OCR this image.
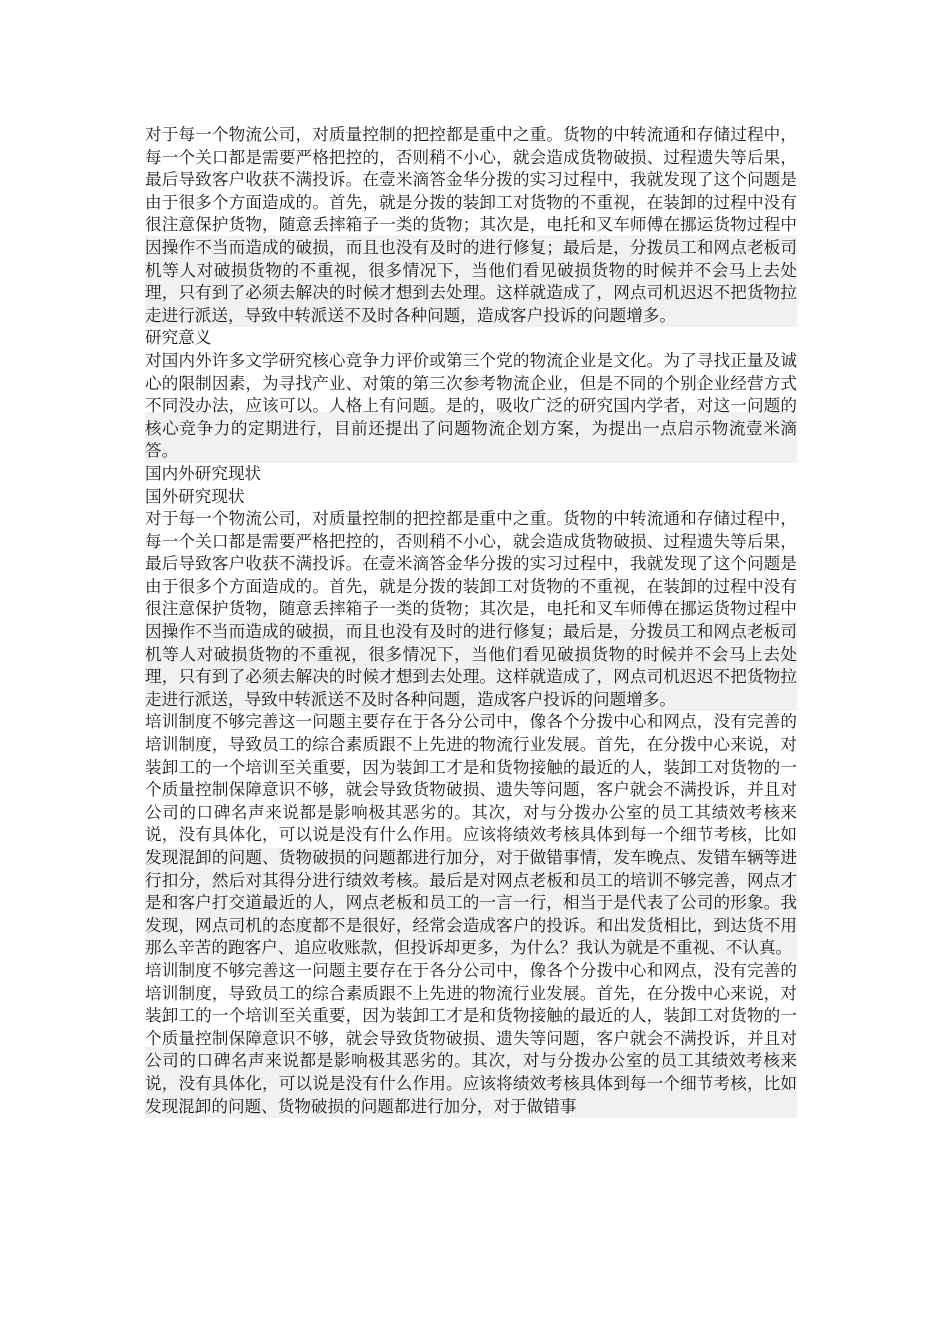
对于每一个物流公司，对质量控制的把控都是重中之重。货物的中转流通和存储过程中，每一个关口都是需要严格把控的，否则稍不小心，就会造成货物破损、过程遗失等后果，最后导致客户收获不满投诉。在壹米滴答金华分拨的实习过程中，我就发现了这个问题是由于很多个方面造成的。首先，就是分拨的装卸工对货物的不重视，在装卸的过程中没有很注意保护货物，随意丢摔箱子一类的货物；其次是，电托和叉车师傅在挪运货物过程中因操作不当而造成的破损，而且也没有及时的进行修复；最后是，分拨员工和网点老板司机等人对破损货物的不重视，很多情况下，当他们看见破损货物的时候并不会马上去处理，只有到了必须去解决的时候才想到去处理。这样就造成了，网点司机迟迟不把货物拉走进行派送，导致中转派送不及时各种问题，造成客户投诉的问题增多。

研究意义

对国内外许多文学研究核心竞争力评价或第三个党的物流企业是文化。为了寻找正量及诚心的限制因素，为寻找产业、对策的第三次参考物流企业，但是不同的个别企业经营方式不同没办法，应该可以。人格上有问题。是的，吸收广泛的研究国内学者，对这一问题的核心竞争力的定期进行，目前还提出了问题物流企划方案，为提出一点启示物流壹米滴答。

国内外研究现状

国外研究现状

对于每一个物流公司，对质量控制的把控都是重中之重。货物的中转流通和存储过程中，每一个关口都是需要严格把控的，否则稍不小心，就会造成货物破损、过程遗失等后果，最后导致客户收获不满投诉。在壹米滴答金华分拨的实习过程中，我就发现了这个问题是由于很多个方面造成的。首先，就是分拨的装卸工对货物的不重视，在装卸的过程中没有很注意保护货物，随意丢摔箱子一类的货物；其次是，电托和叉车师傅在挪运货物过程中因操作不当而造成的破损，而且也没有及时的进行修复；最后是，分拨员工和网点老板司机等人对破损货物的不重视，很多情况下，当他们看见破损货物的时候并不会马上去处理，只有到了必须去解决的时候才想到去处理。这样就造成了，网点司机迟迟不把货物拉走进行派送，导致中转派送不及时各种问题，造成客户投诉的问题增多。

培训制度不够完善这一问题主要存在于各分公司中，像各个分拨中心和网点，没有完善的培训制度，导致员工的综合素质跟不上先进的物流行业发展。首先，在分拨中心来说，对装卸工的一个培训至关重要，因为装卸工才是和货物接触的最近的人，装卸工对货物的一个质量控制保障意识不够，就会导致货物破损、遗失等问题，客户就会不满投诉，并且对公司的口碑名声来说都是影响极其恶劣的。其次，对与分拨办公室的员工其绩效考核来说，没有具体化，可以说是没有什么作用。应该将绩效考核具体到每一个细节考核，比如发现混卸的问题、货物破损的问题都进行加分，对于做错事情，发车晚点、发错车辆等进行扣分，然后对其得分进行绩效考核。最后是对网点老板和员工的培训不够完善，网点才是和客户打交道最近的人，网点老板和员工的一言一行，相当于是代表了公司的形象。我发现，网点司机的态度都不是很好，经常会造成客户的投诉。和出发货相比，到达货不用那么辛苦的跑客户、追应收账款，但投诉却更多，为什么？我认为就是不重视、不认真。

培训制度不够完善这一问题主要存在于各分公司中，像各个分拨中心和网点，没有完善的培训制度，导致员工的综合素质跟不上先进的物流行业发展。首先，在分拨中心来说，对装卸工的一个培训至关重要，因为装卸工才是和货物接触的最近的人，装卸工对货物的一个质量控制保障意识不够，就会导致货物破损、遗失等问题，客户就会不满投诉，并且对公司的口碑名声来说都是影响极其恶劣的。其次，对与分拨办公室的员工其绩效考核来说，没有具体化，可以说是没有什么作用。应该将绩效考核具体到每一个细节考核，比如发现混卸的问题、货物破损的问题都进行加分，对于做错事
